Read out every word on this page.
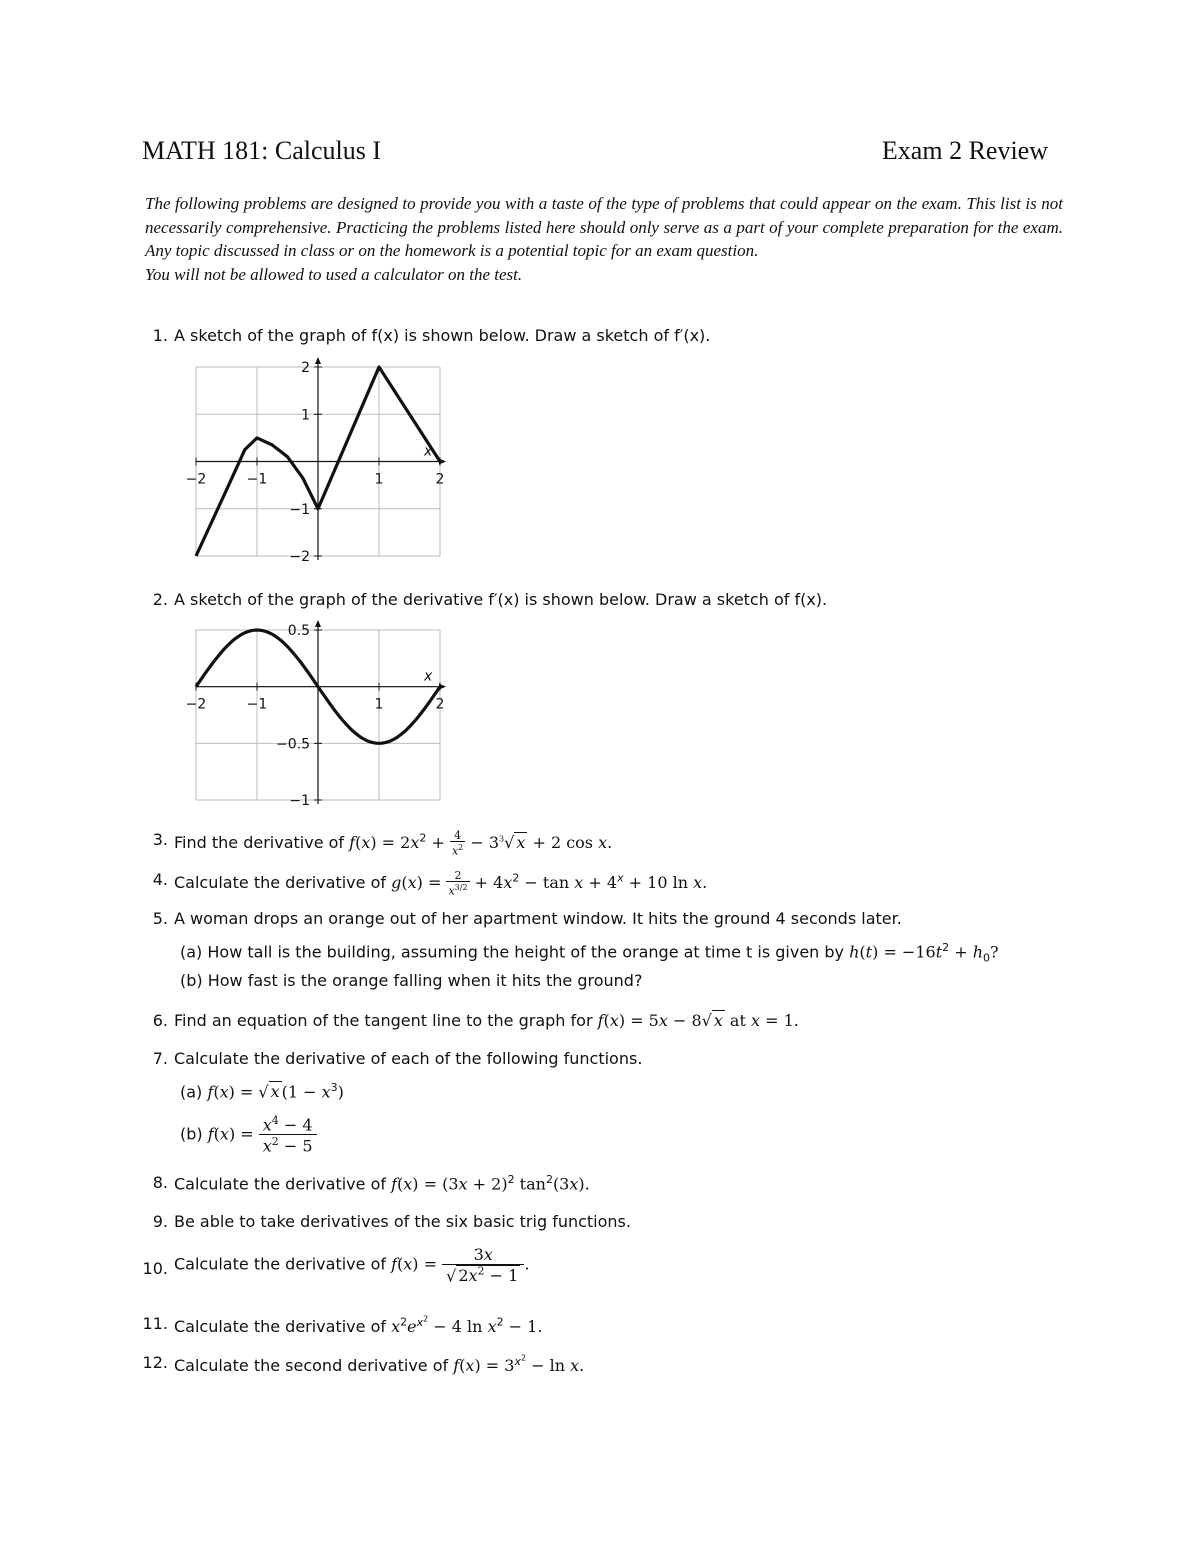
MATH 181: Calculus I	Exam 2 Review

The following problems are designed to provide you with a taste of the type of problems that could appear on the exam. This list is not necessarily comprehensive. Practicing the problems listed here should only serve as a part of your complete preparation for the exam. Any topic discussed in class or on the homework is a potential topic for an exam question.

You will not be allowed to used a calculator on the test.

1. A sketch of the graph of f(x) is shown below. Draw a sketch of f′(x).
−2	−1	1	2
2
1
−1
−2
x
2. A sketch of the graph of the derivative f′(x) is shown below. Draw a sketch of f(x).
−2	−1	1	2
0.5
−0.5
−1
x
3. Find the derivative of $f(x) = 2x^2 + \frac{4}{x^2} - 3^3√$ x + 2 cos x.
4. Calculate the derivative of $g(x) = \frac{2}{x^{3/2}} + 4x^2 - \tan x + 4^x + 10$ ln x.
5. A woman drops an orange out of her apartment window. It hits the ground 4 seconds later.
(a) How tall is the building, assuming the height of the orange at time t is given by $h(t) = -16t^2 + h_0$?
(b) How fast is the orange falling when it hits the ground?
6. Find an equation of the tangent line to the graph for f(x) = 5x − 8√ x at x = 1.
7. Calculate the derivative of each of the following functions.
(a) f(x) = √ x $(1 - x^3)$
(b) $f(x) = \frac{x^4 - 4}{x^2 - 5}$
8. Calculate the derivative of $f(x) = (3x + 2)^2$ $\tan^2(3x)$.
9. Be able to take derivatives of the six basic trig functions.
10. Calculate the derivative of $f(x) = \frac{3x}{√ 2x^2 - 1}$ .
11. Calculate the derivative of $x^2e^{x^2} - 4$ $\ln x^2 - 1$.
12. Calculate the second derivative of $f(x) = 3^{x^2} - \ln x$.
